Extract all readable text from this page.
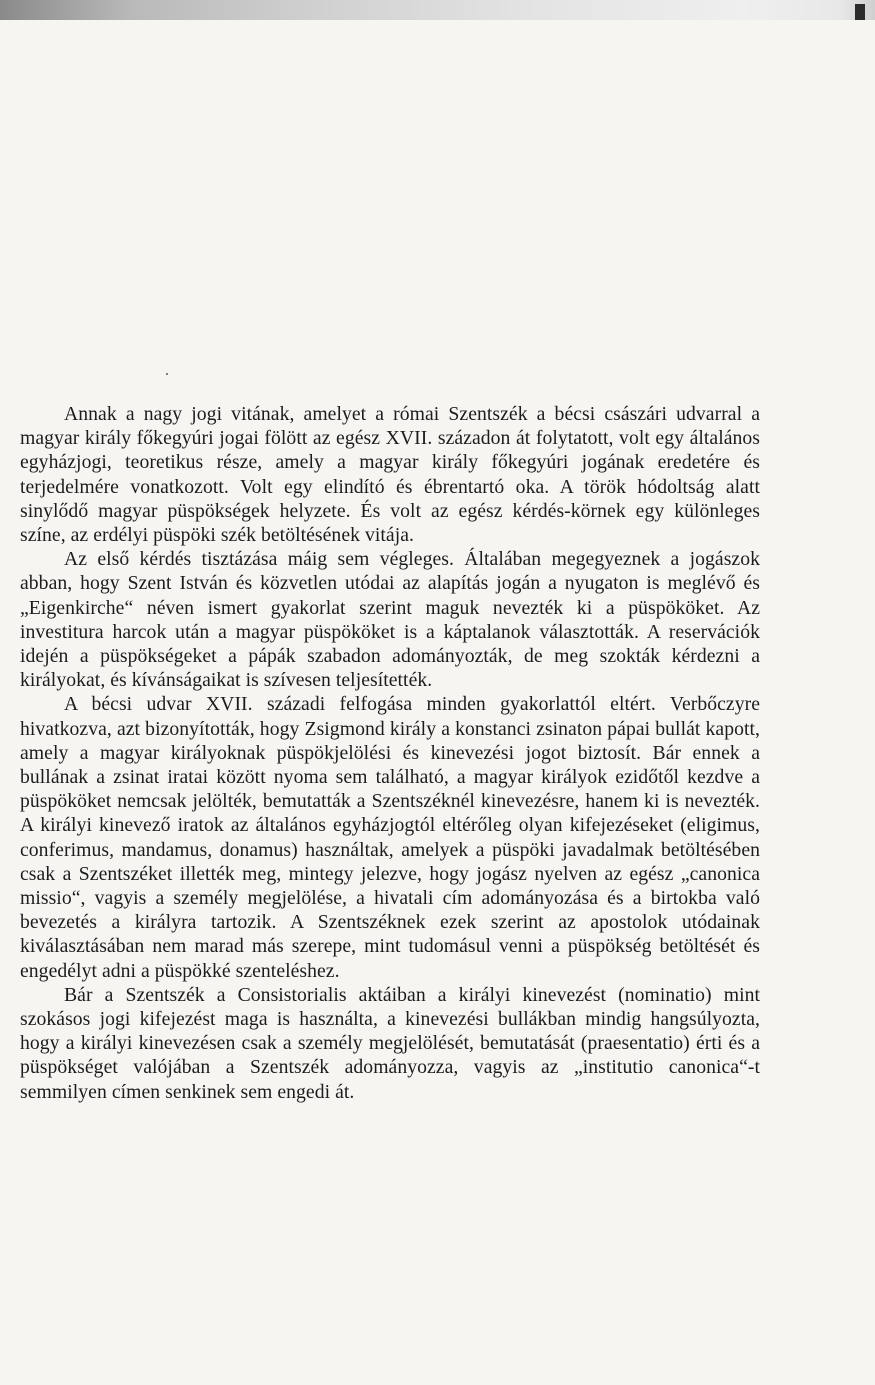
Annak a nagy jogi vitának, amelyet a római Szentszék a bécsi császári udvarral a magyar király főkegyúri jogai fölött az egész XVII. századon át folytatott, volt egy általános egyházjogi, teoretikus része, amely a magyar király főkegyúri jogának eredetére és terjedelmére vonatkozott. Volt egy elindító és ébrentartó oka. A török hódoltság alatt sinylődő magyar püspökségek helyzete. És volt az egész kérdés-körnek egy különleges színe, az erdélyi püspöki szék betöltésének vitája.

Az első kérdés tisztázása máig sem végleges. Általában megegyeznek a jogászok abban, hogy Szent István és közvetlen utódai az alapítás jogán a nyugaton is meglévő és „Eigenkirche“ néven ismert gyakorlat szerint maguk nevezték ki a püspököket. Az investitura harcok után a magyar püspököket is a káptalanok választották. A reservációk idején a püspökségeket a pápák szabadon adományozták, de meg szokták kérdezni a királyokat, és kívánságaikat is szívesen teljesítették.

A bécsi udvar XVII. századi felfogása minden gyakorlattól eltért. Verbőczyre hivatkozva, azt bizonyították, hogy Zsigmond király a konstanci zsinaton pápai bullát kapott, amely a magyar királyoknak püspökjelölési és kinevezési jogot biztosít. Bár ennek a bullának a zsinat iratai között nyoma sem található, a magyar királyok ezidőtől kezdve a püspököket nemcsak jelölték, bemutatták a Szentszéknél kinevezésre, hanem ki is nevezték. A királyi kinevező iratok az általános egyházjogtól eltérőleg olyan kifejezéseket (eligimus, conferimus, mandamus, donamus) használtak, amelyek a püspöki javadalmak betöltésében csak a Szentszéket illették meg, mintegy jelezve, hogy jogász nyelven az egész „canonica missio“, vagyis a személy megjelölése, a hivatali cím adományozása és a birtokba való bevezetés a királyra tartozik. A Szentszéknek ezek szerint az apostolok utódainak kiválasztásában nem marad más szerepe, mint tudomásul venni a püspökség betöltését és engedélyt adni a püspökké szenteléshez.

Bár a Szentszék a Consistorialis aktáiban a királyi kinevezést (nominatio) mint szokásos jogi kifejezést maga is használta, a kinevezési bullákban mindig hangsúlyozta, hogy a királyi kinevezésen csak a személy megjelölését, bemutatását (praesentatio) érti és a püspökséget valójában a Szentszék adományozza, vagyis az „institutio canonica“-t semmilyen címen senkinek sem engedi át.
